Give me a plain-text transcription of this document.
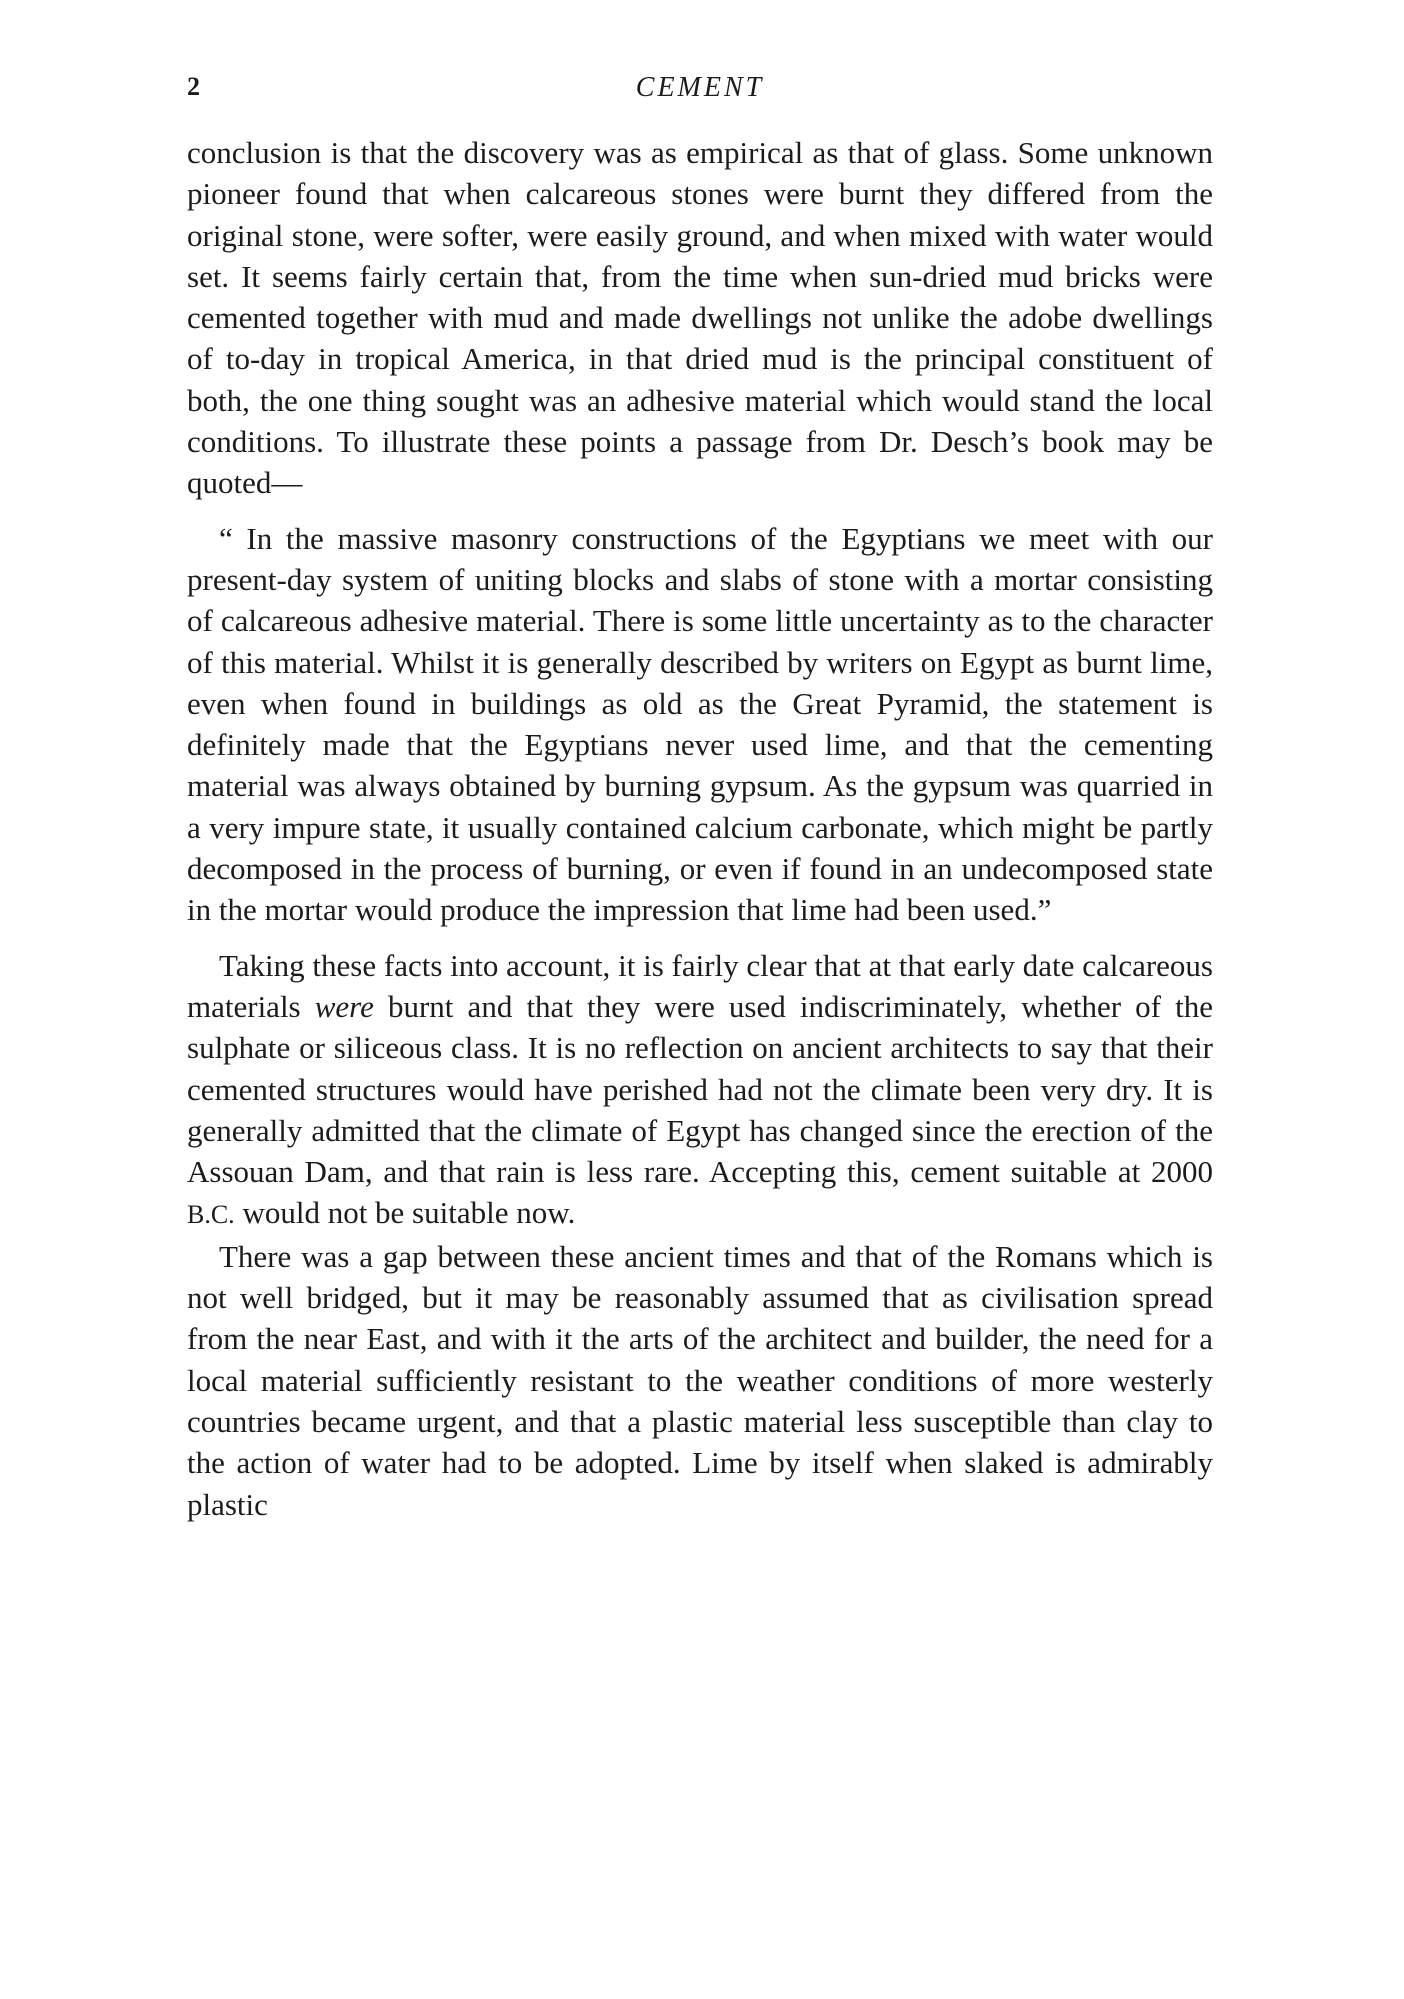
2	CEMENT

conclusion is that the discovery was as empirical as that of glass. Some unknown pioneer found that when calcareous stones were burnt they differed from the original stone, were softer, were easily ground, and when mixed with water would set. It seems fairly certain that, from the time when sun-dried mud bricks were cemented together with mud and made dwellings not unlike the adobe dwellings of to-day in tropical America, in that dried mud is the principal constituent of both, the one thing sought was an adhesive material which would stand the local conditions. To illustrate these points a passage from Dr. Desch’s book may be quoted—

“ In the massive masonry constructions of the Egyptians we meet with our present-day system of uniting blocks and slabs of stone with a mortar consisting of calcareous adhesive material. There is some little uncertainty as to the character of this material. Whilst it is generally described by writers on Egypt as burnt lime, even when found in buildings as old as the Great Pyramid, the statement is definitely made that the Egyptians never used lime, and that the cementing material was always obtained by burning gypsum. As the gypsum was quarried in a very impure state, it usually contained calcium carbonate, which might be partly decomposed in the process of burning, or even if found in an undecomposed state in the mortar would produce the impression that lime had been used.”

Taking these facts into account, it is fairly clear that at that early date calcareous materials were burnt and that they were used indiscriminately, whether of the sulphate or siliceous class. It is no reflection on ancient architects to say that their cemented structures would have perished had not the climate been very dry. It is generally admitted that the climate of Egypt has changed since the erection of the Assouan Dam, and that rain is less rare. Accepting this, cement suitable at 2000 B.C. would not be suitable now.

There was a gap between these ancient times and that of the Romans which is not well bridged, but it may be reasonably assumed that as civilisation spread from the near East, and with it the arts of the architect and builder, the need for a local material sufficiently resistant to the weather conditions of more westerly countries became urgent, and that a plastic material less susceptible than clay to the action of water had to be adopted. Lime by itself when slaked is admirably plastic
